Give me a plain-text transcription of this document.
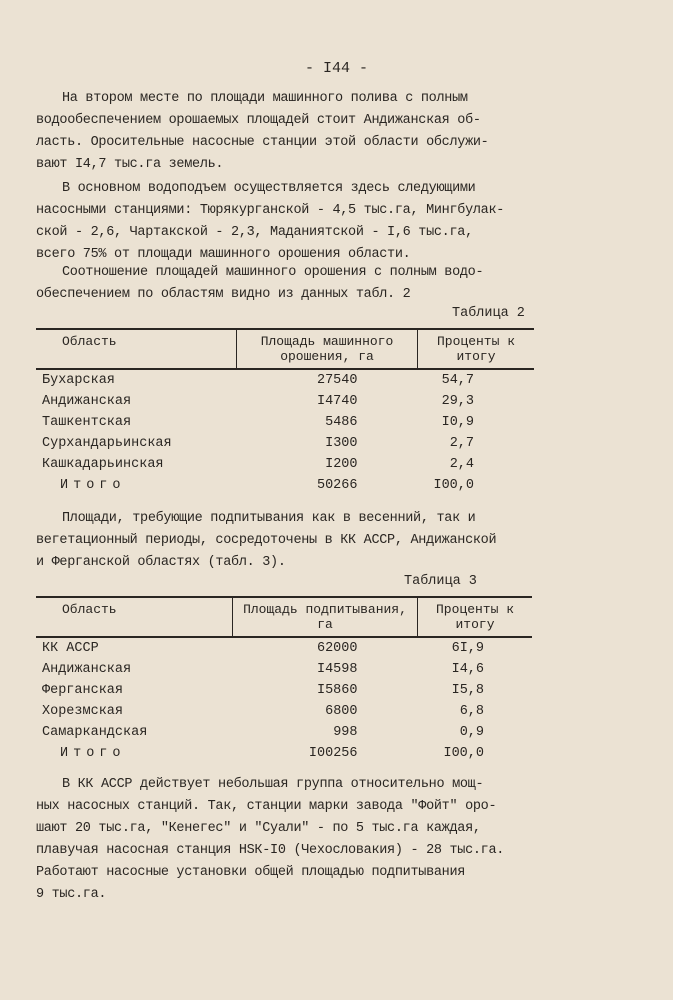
- I44 -
На втором месте по площади машинного полива с полным
водообеспечением орошаемых площадей стоит Андижанская об-
ласть. Оросительные насосные станции этой области обслужи-
вают I4,7 тыс.га земель.
В основном водоподъем осуществляется здесь следующими
насосными станциями: Тюрякурганской - 4,5 тыс.га, Мингбулак-
ской - 2,6, Чартакской - 2,3, Маданиятской - I,6 тыс.га,
всего 75% от площади машинного орошения области.
Соотношение площадей машинного орошения с полным водо-
обеспечением по областям видно из данных табл. 2
Таблица 2
Область	Площадь машинного орошения, га	Проценты к итогу
Бухарская	27540	54,7
Андижанская	I4740	29,3
Ташкентская	5486	I0,9
Сурхандарьинская	I300	2,7
Кашкадарьинская	I200	2,4
Итого	50266	I00,0
Площади, требующие подпитывания как в весенний, так и
вегетационный периоды, сосредоточены в КК АССР, Андижанской
и Ферганской областях (табл. 3).
Таблица 3
Область	Площадь подпитывания, га	Проценты к итогу
КК АССР	62000	6I,9
Андижанская	I4598	I4,6
Ферганская	I5860	I5,8
Хорезмская	6800	6,8
Самаркандская	998	0,9
Итого	I00256	I00,0
В КК АССР действует небольшая группа относительно мощ-
ных насосных станций. Так, станции марки завода "Фойт" оро-
шают 20 тыс.га, "Кенегес" и "Суали" - по 5 тыс.га каждая,
плавучая насосная станция НЅК-I0 (Чехословакия) - 28 тыс.га.
Работают насосные установки общей площадью подпитывания
9 тыс.га.
